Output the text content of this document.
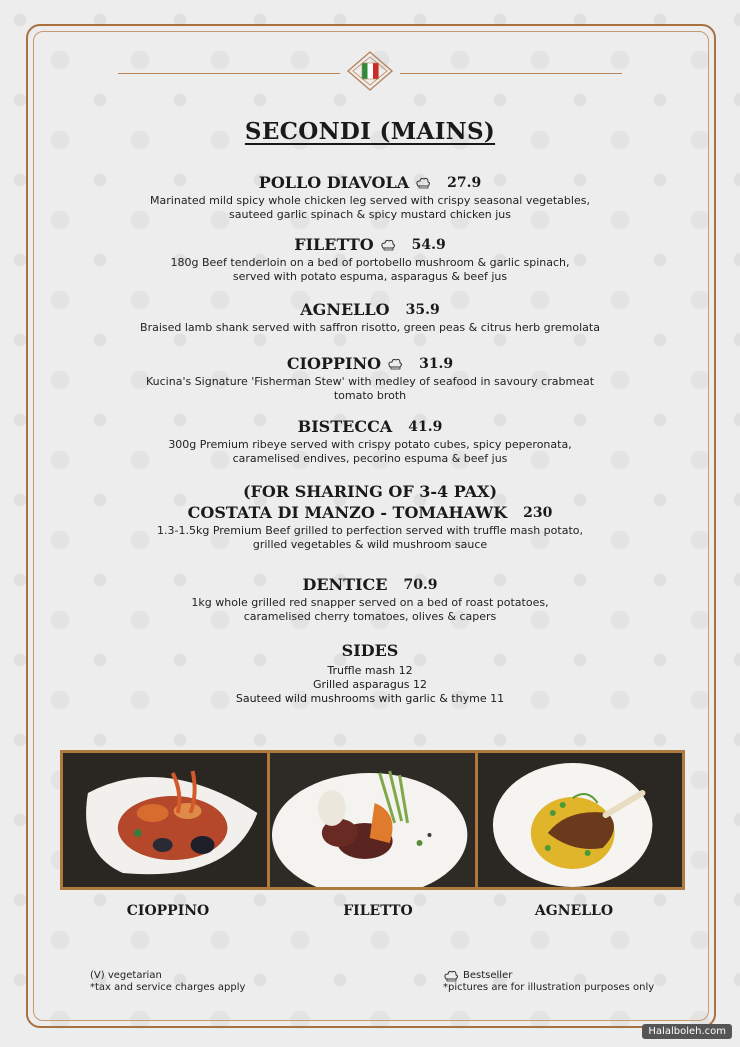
SECONDI (MAINS)
POLLO DIAVOLA	27.9
Marinated mild spicy whole chicken leg served with crispy seasonal vegetables,
sauteed garlic spinach & spicy mustard chicken jus
FILETTO	54.9
180g Beef tenderloin on a bed of portobello mushroom & garlic spinach,
served with potato espuma, asparagus & beef jus
AGNELLO 35.9
Braised lamb shank served with saffron risotto, green peas & citrus herb gremolata
CIOPPINO	31.9
Kucina's Signature 'Fisherman Stew' with medley of seafood in savoury crabmeat
tomato broth
BISTECCA 41.9
300g Premium ribeye served with crispy potato cubes, spicy peperonata,
caramelised endives, pecorino espuma & beef jus
(FOR SHARING OF 3-4 PAX)
COSTATA DI MANZO - TOMAHAWK 230
1.3-1.5kg Premium Beef grilled to perfection served with truffle mash potato,
grilled vegetables & wild mushroom sauce
DENTICE 70.9
1kg whole grilled red snapper served on a bed of roast potatoes,
caramelised cherry tomatoes, olives & capers
SIDES
Truffle mash 12
Grilled asparagus 12
Sauteed wild mushrooms with garlic & thyme 11
CIOPPINO	FILETTO	AGNELLO
(V) vegetarian
*tax and service charges apply
Bestseller
*pictures are for illustration purposes only
Halalboleh.com
